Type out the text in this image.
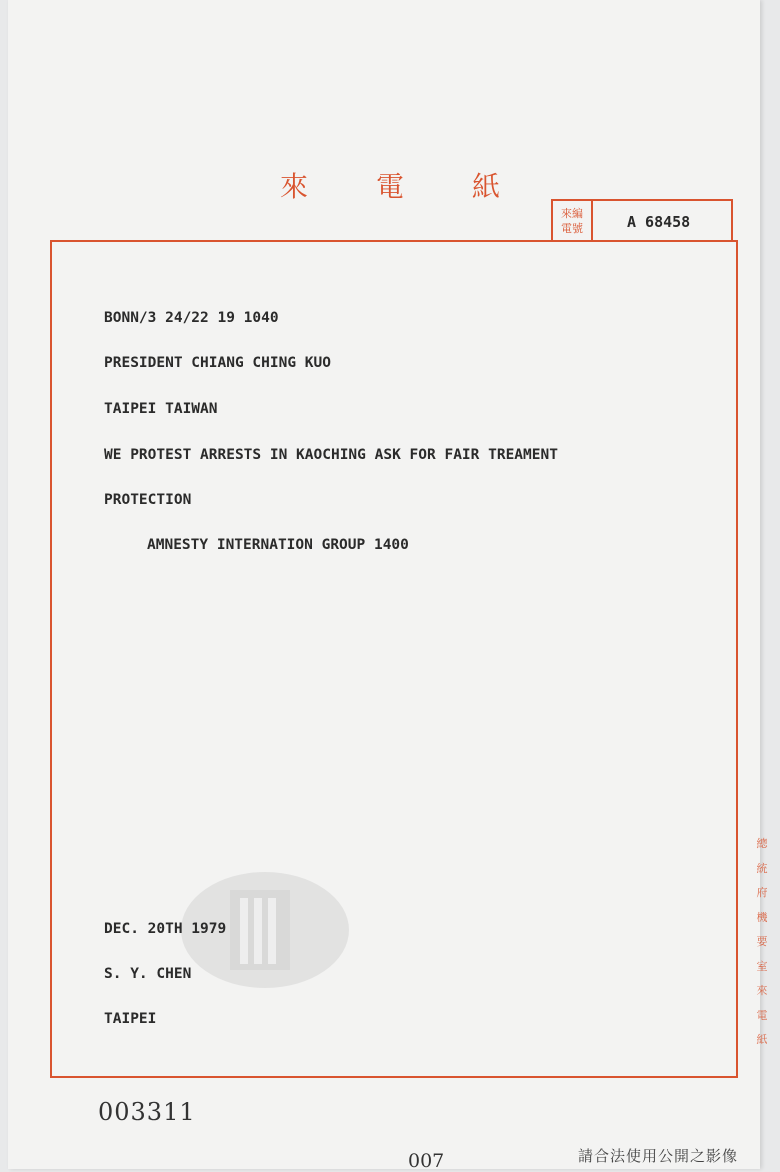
來電紙
來編
電號	A 68458
BONN/3 24/22 19 1040
PRESIDENT CHIANG CHING KUO
TAIPEI TAIWAN
WE PROTEST ARRESTS IN KAOCHING ASK FOR FAIR TREAMENT
PROTECTION
AMNESTY INTERNATION GROUP 1400
DEC. 20TH 1979
S. Y. CHEN
TAIPEI
總
統
府
機
要
室
來
電
紙
003311
007	請合法使用公開之影像
